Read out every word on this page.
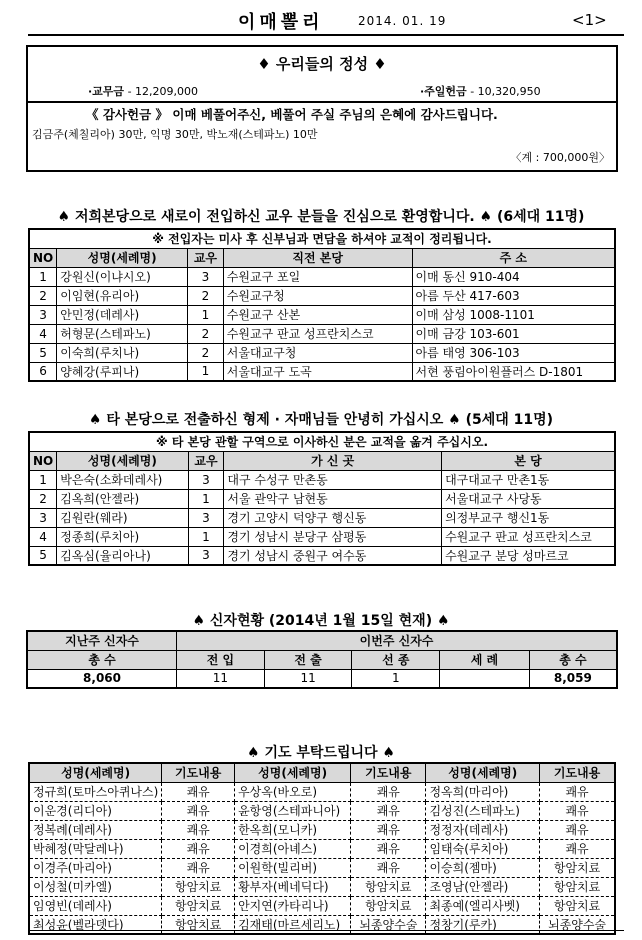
이매뽈리	2014. 01. 19	<1>
♦ 우리들의 정성 ♦
·교무금 - 12,209,000	·주일헌금 - 10,320,950
《 감사헌금 》 이매 베풀어주신, 베풀어 주실 주님의 은혜에 감사드립니다.
김금주(체칠리아) 30만, 익명 30만, 박노재(스테파노) 10만
〈계 : 700,000원〉
♠ 저희본당으로 새로이 전입하신 교우 분들을 진심으로 환영합니다. ♠ (6세대 11명)
※ 전입자는 미사 후 신부님과 면담을 하셔야 교적이 정리됩니다.				
NO	성명(세례명)	교우	직전 본당	주 소
1	강원신(이냐시오)	3	수원교구 포일	이매 동신 910-404
2	이임현(유리아)	2	수원교구청	아름 두산 417-603
3	안민정(데레사)	1	수원교구 산본	이매 삼성 1008-1101
4	허형문(스테파노)	2	수원교구 판교 성프란치스코	이매 금강 103-601
5	이숙희(루치나)	2	서울대교구청	아름 태영 306-103
6	양혜강(루피나)	1	서울대교구 도곡	서현 풍림아이원플러스 D-1801
♠ 타 본당으로 전출하신 형제 · 자매님들 안녕히 가십시오 ♠ (5세대 11명)
※ 타 본당 관할 구역으로 이사하신 분은 교적을 옮겨 주십시오.				
NO	성명(세례명)	교우	가 신 곳	본 당
1	박은숙(소화데레사)	3	대구 수성구 만촌동	대구대교구 만촌1동
2	김옥희(안젤라)	1	서울 관악구 남현동	서울대교구 사당동
3	김원란(웨라)	3	경기 고양시 덕양구 행신동	의정부교구 행신1동
4	정종희(루치아)	1	경기 성남시 분당구 삼평동	수원교구 판교 성프란치스코
5	김옥심(율리아나)	3	경기 성남시 중원구 여수동	수원교구 분당 성마르코
♠ 신자현황 (2014년 1월 15일 현재) ♠
지난주 신자수	이번주 신자수				
총 수	전 입	전 출	선 종	세 례	총 수
8,060	11	11	1		8,059
♠ 기도 부탁드립니다 ♠
성명(세례명)	기도내용	성명(세례명)	기도내용	성명(세례명)	기도내용
정규희(토마스아퀴나스)	쾌유	우상옥(바오로)	쾌유	정옥희(마리아)	쾌유
이운경(리디아)	쾌유	윤항영(스테파니아)	쾌유	김성진(스테파노)	쾌유
정복례(데레사)	쾌유	한옥희(모니카)	쾌유	정정자(데레사)	쾌유
박혜정(막달레나)	쾌유	이경희(아녜스)	쾌유	임태숙(루치아)	쾌유
이경주(마리아)	쾌유	이원학(빌리버)	쾌유	이승희(젬마)	항암치료
이성철(미카엘)	항암치료	황부자(베네딕다)	항암치료	조영남(안젤라)	항암치료
임영빈(데레사)	항암치료	안지연(카타리나)	항암치료	최종예(엘리사벳)	항암치료
최성윤(벨라뎃다)	항암치료	김재태(마르세리노)	뇌종양수술	정창기(루카)	뇌종양수술
